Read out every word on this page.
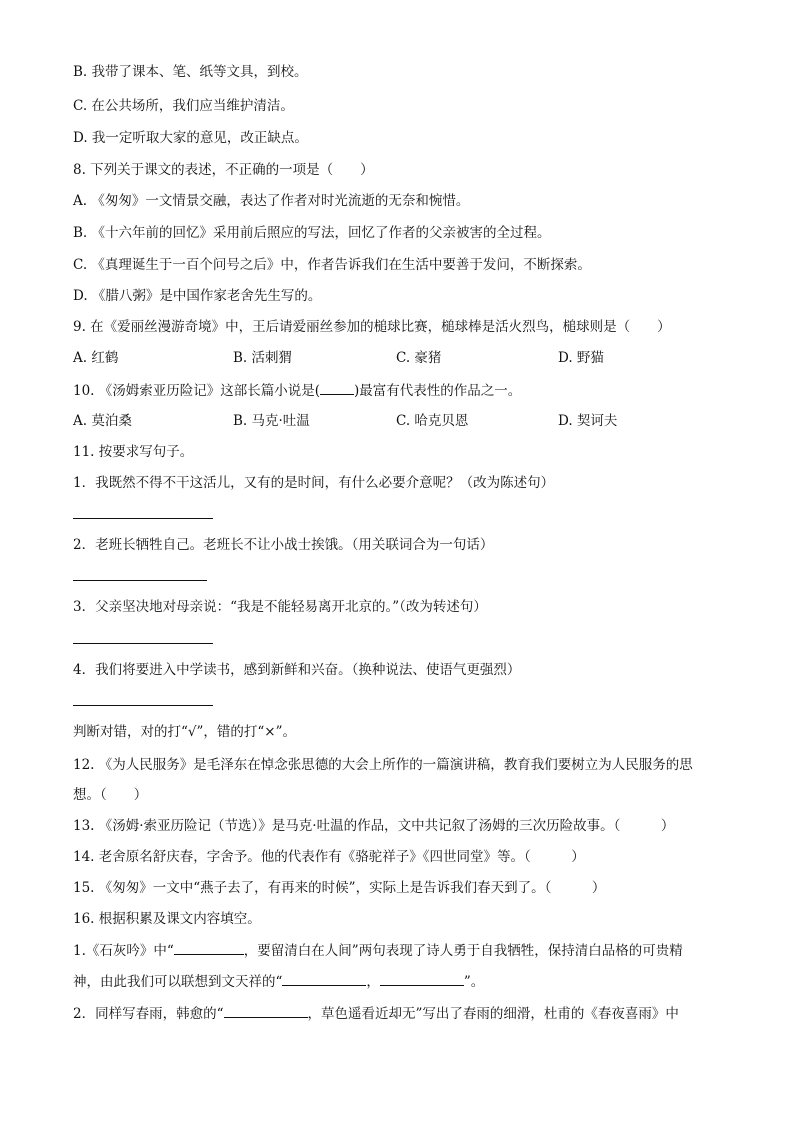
B. 我带了课本、笔、纸等文具，到校。
C. 在公共场所，我们应当维护清洁。
D. 我一定听取大家的意见，改正缺点。
8. 下列关于课文的表述，不正确的一项是（　　）
A. 《匆匆》一文情景交融，表达了作者对时光流逝的无奈和惋惜。
B. 《十六年前的回忆》采用前后照应的写法，回忆了作者的父亲被害的全过程。
C. 《真理诞生于一百个问号之后》中，作者告诉我们在生活中要善于发问，不断探索。
D. 《腊八粥》是中国作家老舍先生写的。
9. 在《爱丽丝漫游奇境》中，王后请爱丽丝参加的槌球比赛，槌球棒是活火烈鸟，槌球则是（　　）
A. 红鹤	B. 活刺猬	C. 豪猪	D. 野猫
10. 《汤姆索亚历险记》这部长篇小说是(	)最富有代表性的作品之一。
A. 莫泊桑	B. 马克·吐温	C. 哈克贝恩	D. 契诃夫
11. 按要求写句子。
1．我既然不得不干这活儿，又有的是时间，有什么必要介意呢？（改为陈述句）
2．老班长牺牲自己。老班长不让小战士挨饿。（用关联词合为一句话）
3．父亲坚决地对母亲说：“我是不能轻易离开北京的。”（改为转述句）
4．我们将要进入中学读书，感到新鲜和兴奋。（换种说法、使语气更强烈）
判断对错，对的打“√”，错的打“×”。
12. 《为人民服务》是毛泽东在悼念张思德的大会上所作的一篇演讲稿，教育我们要树立为人民服务的思
想。（　　）
13. 《汤姆·索亚历险记（节选）》是马克·吐温的作品，文中共记叙了汤姆的三次历险故事。（　　　）
14. 老舍原名舒庆春，字舍予。他的代表作有《骆驼祥子》《四世同堂》等。（　　　）
15. 《匆匆》一文中“燕子去了，有再来的时候”，实际上是告诉我们春天到了。（　　　）
16. 根据积累及课文内容填空。
1.《石灰吟》中“	，要留清白在人间”两句表现了诗人勇于自我牺牲，保持清白品格的可贵精
神，由此我们可以联想到文天祥的“	，	”。
2．同样写春雨，韩愈的“	，草色遥看近却无”写出了春雨的细滑，杜甫的《春夜喜雨》中
